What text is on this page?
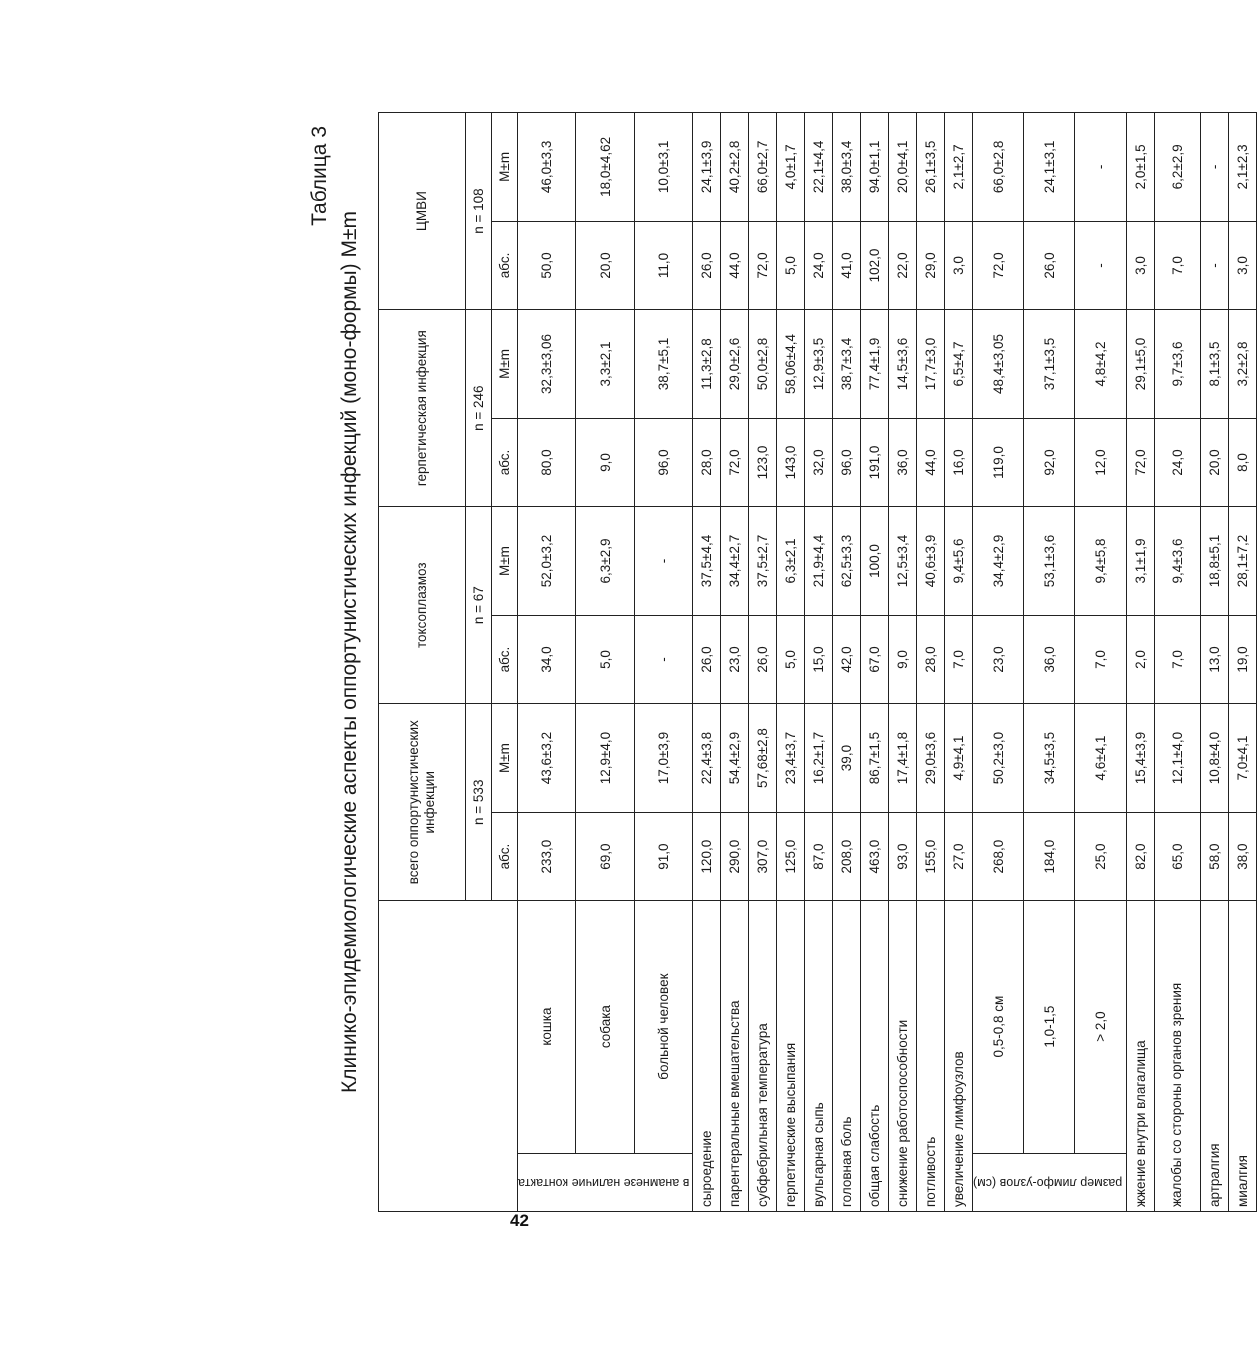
Таблица 3
Клинико-эпидемиологические аспекты оппортунистических инфекций (моно-формы) M±m
		всего оппортунистических инфекции		токсоплазмоз		герпетическая инфекция		ЦМВИ	
		n = 533		n = 67		n = 246		n = 108	
		абс.	M±m	абс.	M±m	абс.	M±m	абс.	M±m
в анамнезе наличие контакта	кошка	233,0	43,6±3,2	34,0	52,0±3,2	80,0	32,3±3,06	50,0	46,0±3,3
	собака	69,0	12,9±4,0	5,0	6,3±2,9	9,0	3,3±2,1	20,0	18,0±4,62
	больной человек	91,0	17,0±3,9	-	-	96,0	38,7±5,1	11,0	10,0±3,1
сыроедение		120,0	22,4±3,8	26,0	37,5±4,4	28,0	11,3±2,8	26,0	24,1±3,9
парентеральные вмешательства		290,0	54,4±2,9	23,0	34,4±2,7	72,0	29,0±2,6	44,0	40,2±2,8
субфебрильная температура		307,0	57,68±2,8	26,0	37,5±2,7	123,0	50,0±2,8	72,0	66,0±2,7
герпетические высыпания		125,0	23,4±3,7	5,0	6,3±2,1	143,0	58,06±4,4	5,0	4,0±1,7
вульгарная сыпь		87,0	16,2±1,7	15,0	21,9±4,4	32,0	12,9±3,5	24,0	22,1±4,4
головная боль		208,0	39,0	42,0	62,5±3,3	96,0	38,7±3,4	41,0	38,0±3,4
общая слабость		463,0	86,7±1,5	67,0	100,0	191,0	77,4±1,9	102,0	94,0±1,1
снижение работоспособности		93,0	17,4±1,8	9,0	12,5±3,4	36,0	14,5±3,6	22,0	20,0±4,1
потливость		155,0	29,0±3,6	28,0	40,6±3,9	44,0	17,7±3,0	29,0	26,1±3,5
увеличение лимфоузлов		27,0	4,9±4,1	7,0	9,4±5,6	16,0	6,5±4,7	3,0	2,1±2,7
размер лимфо-узлов (см)	0,5-0,8 см	268,0	50,2±3,0	23,0	34,4±2,9	119,0	48,4±3,05	72,0	66,0±2,8
	1,0-1,5	184,0	34,5±3,5	36,0	53,1±3,6	92,0	37,1±3,5	26,0	24,1±3,1
	> 2,0	25,0	4,6±4,1	7,0	9,4±5,8	12,0	4,8±4,2	-	-
жжение внутри влагалища		82,0	15,4±3,9	2,0	3,1±1,9	72,0	29,1±5,0	3,0	2,0±1,5
жалобы со стороны органов зрения		65,0	12,1±4,0	7,0	9,4±3,6	24,0	9,7±3,6	7,0	6,2±2,9
артралгия		58,0	10,8±4,0	13,0	18,8±5,1	20,0	8,1±3,5	-	-
миалгия		38,0	7,0±4,1	19,0	28,1±7,2	8,0	3,2±2,8	3,0	2,1±2,3
42
